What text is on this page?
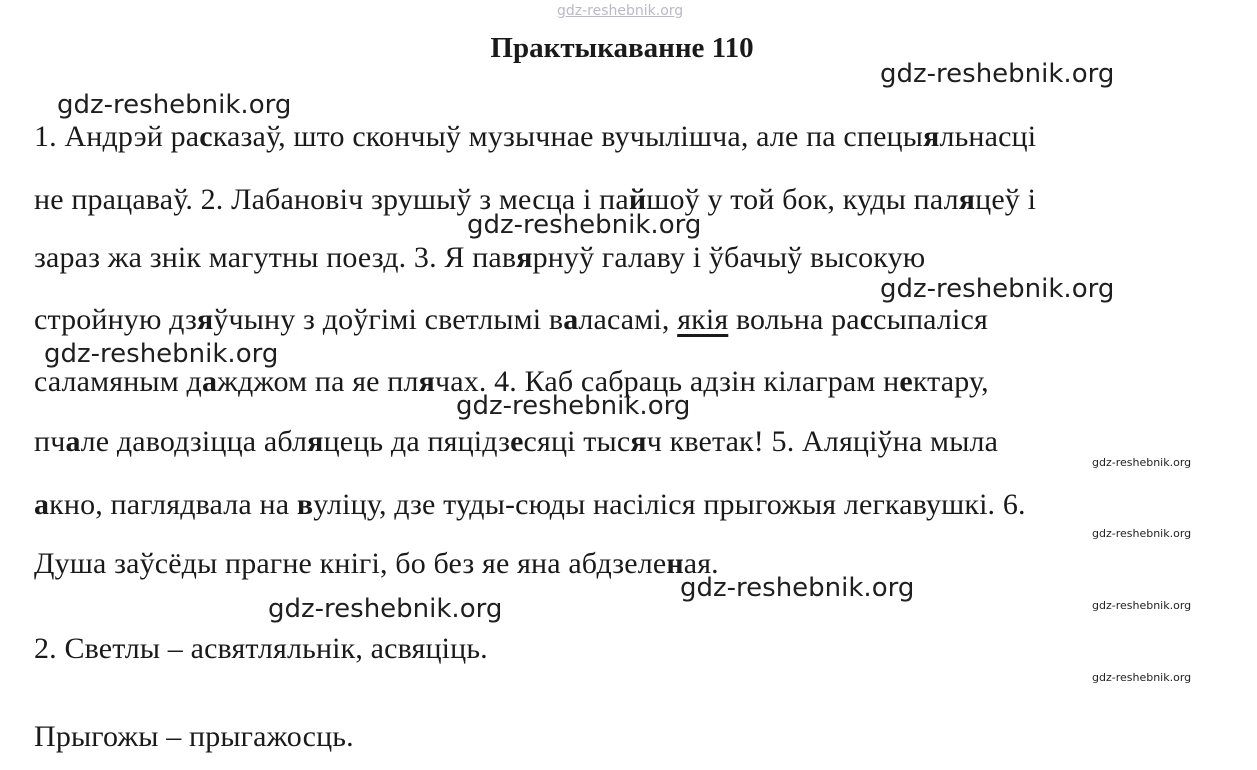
gdz-reshebnik.org
Практыкаванне 110
1. Андрэй расказаў, што скончыў музычнае вучылішча, але па спецыяльнасці
не працаваў. 2. Лабановіч зрушыў з месца і пайшоў у той бок, куды паляцеў і
зараз жа знік магутны поезд. 3. Я павярнуў галаву і ўбачыў высокую
стройную дзяўчыну з доўгімі светлымі валасамі, якія вольна рассыпаліся
саламяным дажджом па яе плячах. 4. Каб сабраць адзін кілаграм нектару,
пчале даводзіцца абляцець да пяцідзесяці тысяч кветак! 5. Аляціўна мыла
акно, паглядвала на вуліцу, дзе туды-сюды насіліся прыгожыя легкавушкі. 6.
Душа заўсёды прагне кнігі, бо без яе яна абдзеленая.
2. Светлы – асвятляльнік, асвяцiць.
Прыгожы – прыгажосць.
gdz-reshebnik.org
gdz-reshebnik.org
gdz-reshebnik.org
gdz-reshebnik.org
gdz-reshebnik.org
gdz-reshebnik.org
gdz-reshebnik.org
gdz-reshebnik.org
gdz-reshebnik.org
gdz-reshebnik.org
gdz-reshebnik.org
gdz-reshebnik.org
